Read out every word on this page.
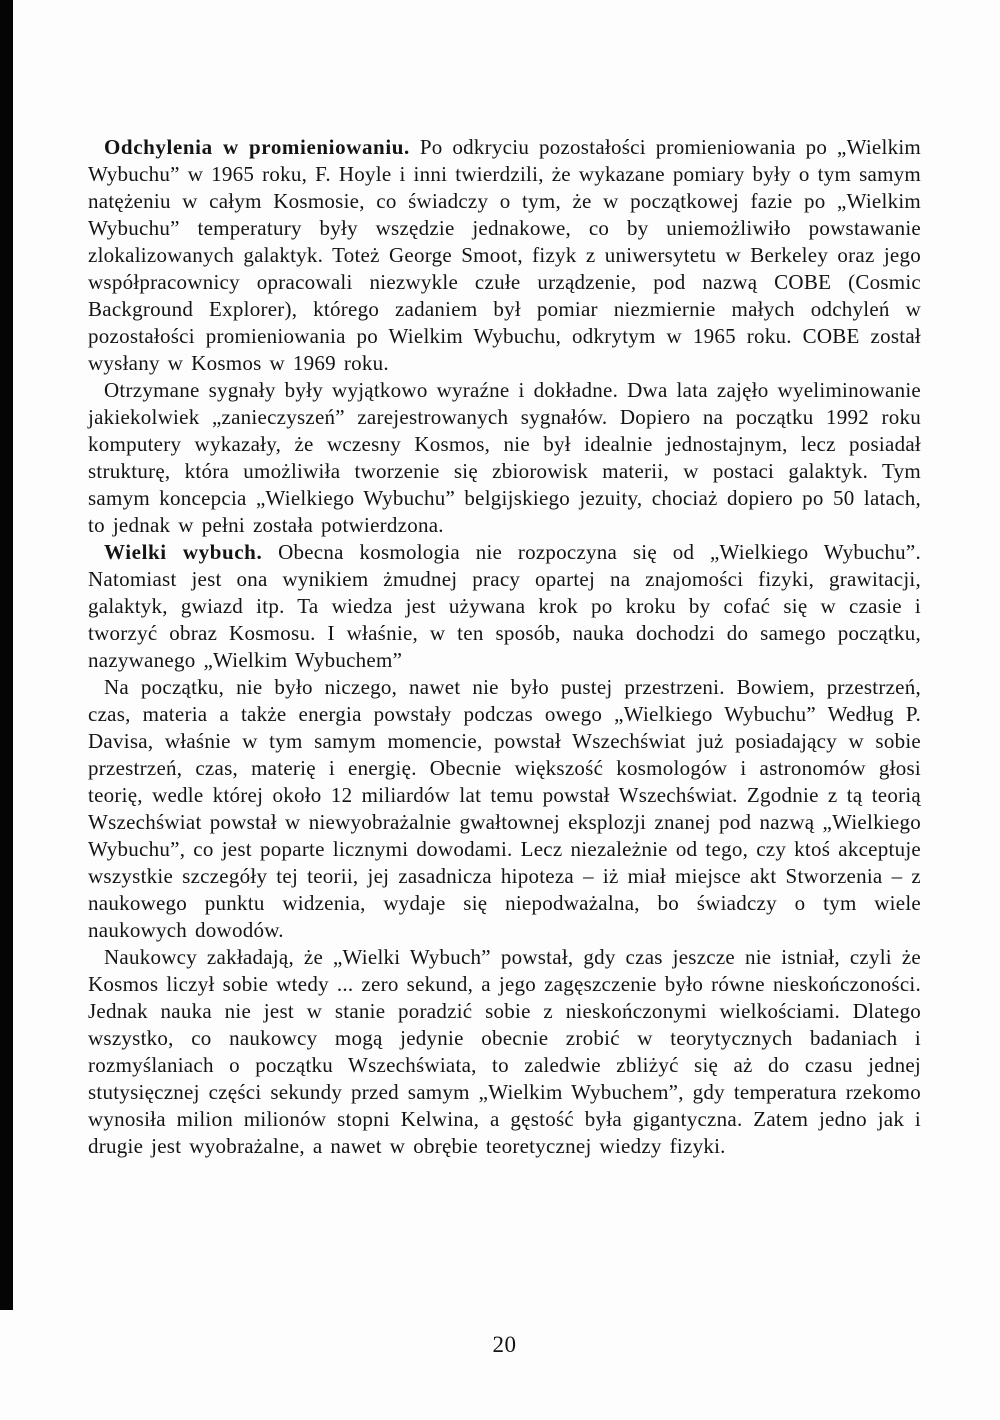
Odchylenia w promieniowaniu. Po odkryciu pozostałości promieniowania po „Wielkim Wybuchu” w 1965 roku, F. Hoyle i inni twierdzili, że wykazane pomiary były o tym samym natężeniu w całym Kosmosie, co świadczy o tym, że w początkowej fazie po „Wielkim Wybuchu” temperatury były wszędzie jednakowe, co by uniemożliwiło powstawanie zlokalizowanych galaktyk. Toteż George Smoot, fizyk z uniwersytetu w Berkeley oraz jego współpracownicy opracowali niezwykle czułe urządzenie, pod nazwą COBE (Cosmic Background Explorer), którego zadaniem był pomiar niezmiernie małych odchyleń w pozostałości promieniowania po Wielkim Wybuchu, odkrytym w 1965 roku. COBE został wysłany w Kosmos w 1969 roku.

Otrzymane sygnały były wyjątkowo wyraźne i dokładne. Dwa lata zajęło wyeliminowanie jakiekolwiek „zanieczyszeń” zarejestrowanych sygnałów. Dopiero na początku 1992 roku komputery wykazały, że wczesny Kosmos, nie był idealnie jednostajnym, lecz posiadał strukturę, która umożliwiła tworzenie się zbiorowisk materii, w postaci galaktyk. Tym samym koncepcia „Wielkiego Wybuchu” belgijskiego jezuity, chociaż dopiero po 50 latach, to jednak w pełni została potwierdzona.

Wielki wybuch. Obecna kosmologia nie rozpoczyna się od „Wielkiego Wybuchu”. Natomiast jest ona wynikiem żmudnej pracy opartej na znajomości fizyki, grawitacji, galaktyk, gwiazd itp. Ta wiedza jest używana krok po kroku by cofać się w czasie i tworzyć obraz Kosmosu. I właśnie, w ten sposób, nauka dochodzi do samego początku, nazywanego „Wielkim Wybuchem”

Na początku, nie było niczego, nawet nie było pustej przestrzeni. Bowiem, przestrzeń, czas, materia a także energia powstały podczas owego „Wielkiego Wybuchu” Według P. Davisa, właśnie w tym samym momencie, powstał Wszechświat już posiadający w sobie przestrzeń, czas, materię i energię. Obecnie większość kosmologów i astronomów głosi teorię, wedle której około 12 miliardów lat temu powstał Wszechświat. Zgodnie z tą teorią Wszechświat powstał w niewyobrażalnie gwałtownej eksplozji znanej pod nazwą „Wielkiego Wybuchu”, co jest poparte licznymi dowodami. Lecz niezależnie od tego, czy ktoś akceptuje wszystkie szczegóły tej teorii, jej zasadnicza hipoteza – iż miał miejsce akt Stworzenia – z naukowego punktu widzenia, wydaje się niepodważalna, bo świadczy o tym wiele naukowych dowodów.

Naukowcy zakładają, że „Wielki Wybuch” powstał, gdy czas jeszcze nie istniał, czyli że Kosmos liczył sobie wtedy ... zero sekund, a jego zagęszczenie było równe nieskończoności. Jednak nauka nie jest w stanie poradzić sobie z nieskończonymi wielkościami. Dlatego wszystko, co naukowcy mogą jedynie obecnie zrobić w teorytycznych badaniach i rozmyślaniach o początku Wszechświata, to zaledwie zbliżyć się aż do czasu jednej stutysięcznej części sekundy przed samym „Wielkim Wybuchem”, gdy temperatura rzekomo wynosiła milion milionów stopni Kelwina, a gęstość była gigantyczna. Zatem jedno jak i drugie jest wyobrażalne, a nawet w obrębie teoretycznej wiedzy fizyki.

20
